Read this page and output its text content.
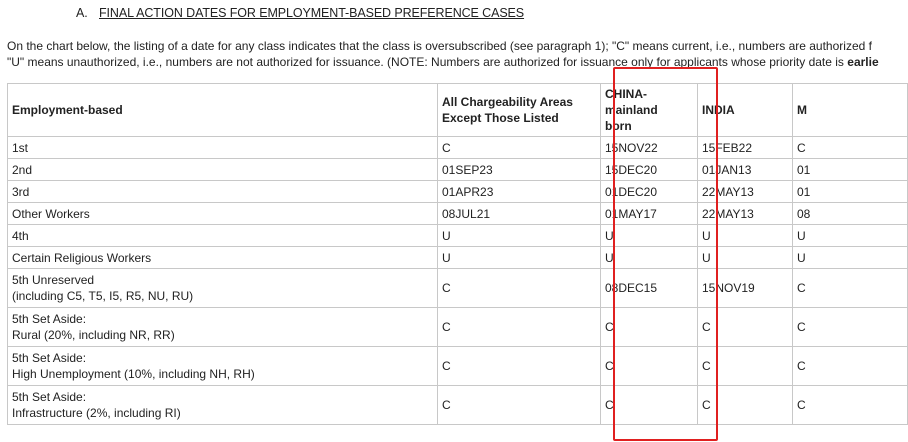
A. FINAL ACTION DATES FOR EMPLOYMENT-BASED PREFERENCE CASES
On the chart below, the listing of a date for any class indicates that the class is oversubscribed (see paragraph 1); "C" means current, i.e., numbers are authorized f
"U" means unauthorized, i.e., numbers are not authorized for issuance. (NOTE: Numbers are authorized for issuance only for applicants whose priority date is earlie
Employment-based	All Chargeability Areas Except Those Listed	CHINA-mainland born	INDIA	M
1st	C	15NOV22	15FEB22	C
2nd	01SEP23	15DEC20	01JAN13	01
3rd	01APR23	01DEC20	22MAY13	01
Other Workers	08JUL21	01MAY17	22MAY13	08
4th	U	U	U	U
Certain Religious Workers	U	U	U	U

5th Unreserved
(including C5, T5, I5, R5, NU, RU)	C	08DEC15	15NOV19	C

5th Set Aside:
Rural (20%, including NR, RR)	C	C	C	C

5th Set Aside:
High Unemployment (10%, including NH, RH)	C	C	C	C

5th Set Aside:
Infrastructure (2%, including RI)	C	C	C	C
